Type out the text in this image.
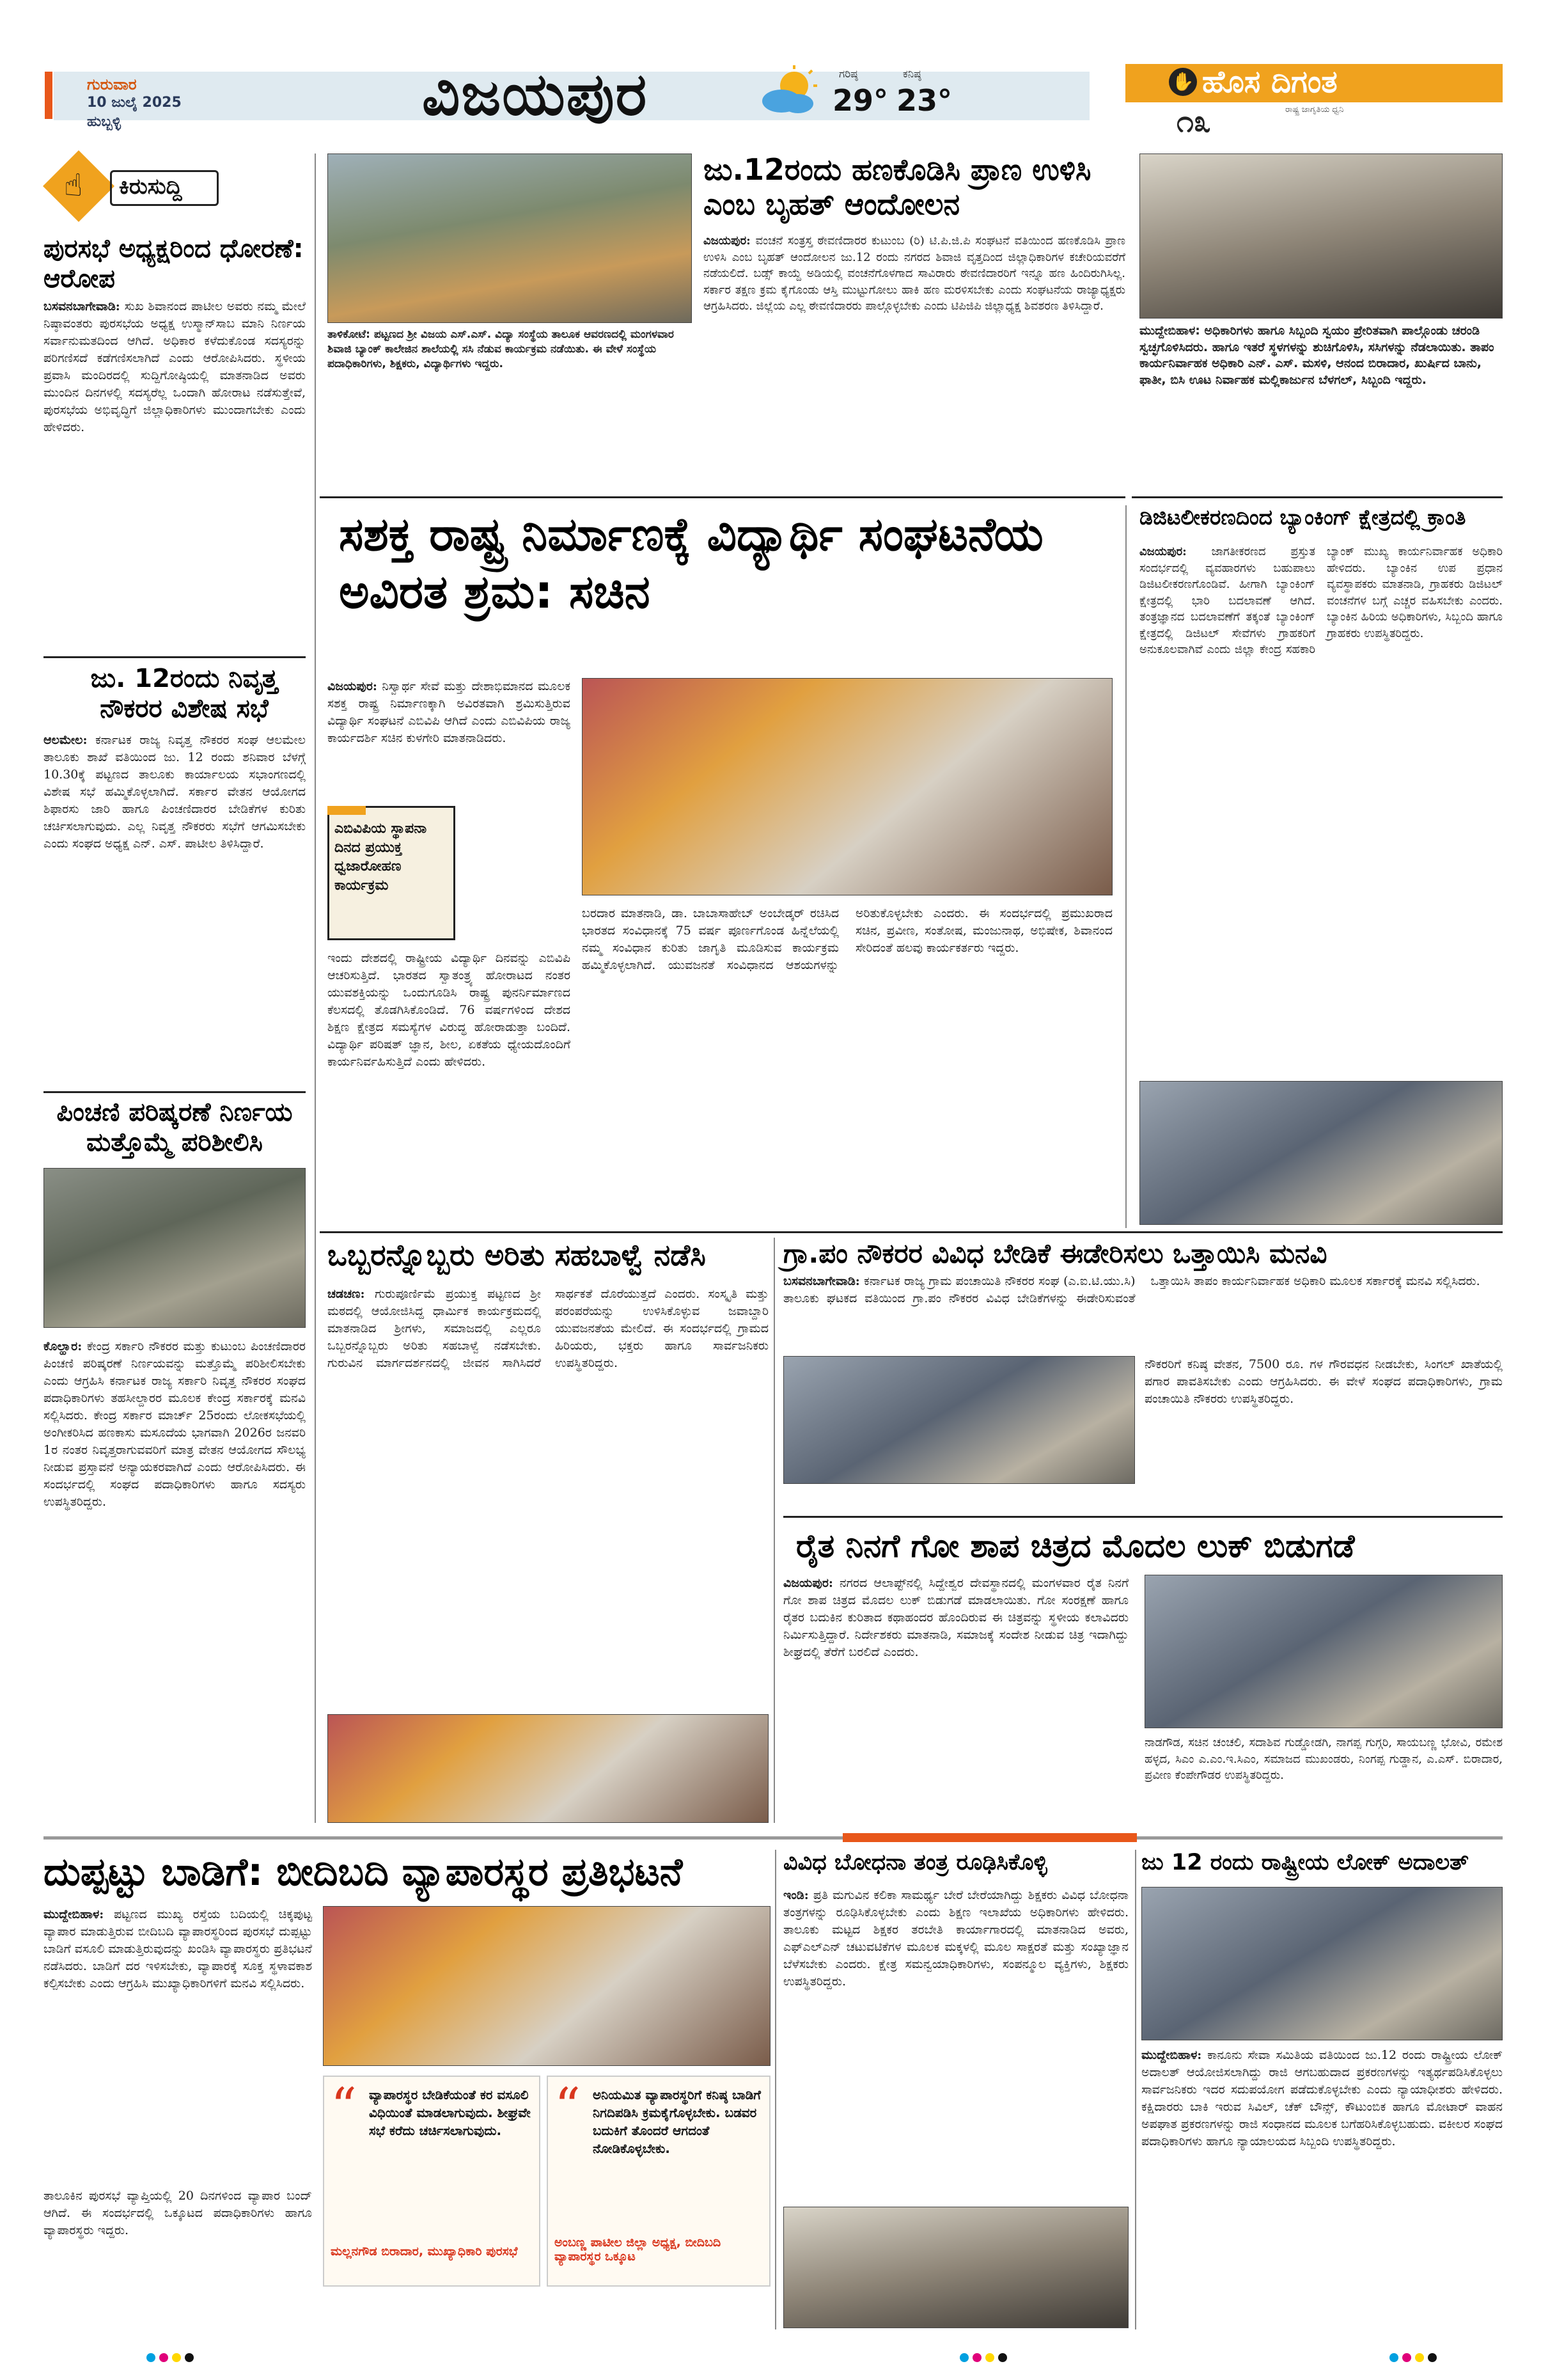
ಗುರುವಾರ
10 ಜುಲೈ 2025
ಹುಬ್ಬಳ್ಳಿ	ವಿಜಯಪುರ	ಗರಿಷ್ಠ
29°
ಕನಿಷ್ಠ
23°
✋ ಹೊಸ ದಿಗಂತ
ರಾಷ್ಟ್ರ ಜಾಗೃತಿಯ ಧ್ವನಿ
೧೩
☝ ಕಿರುಸುದ್ದಿ
ಪುರಸಭೆ ಅಧ್ಯಕ್ಷರಿಂದ ಧೋರಣೆ: ಆರೋಪ

ಬಸವನಬಾಗೇವಾಡಿ: ಸುಖ ಶಿವಾನಂದ ಪಾಟೀಲ ಅವರು ನಮ್ಮ ಮೇಲೆ ನಿಷ್ಠಾವಂತರು ಪುರಸಭೆಯ ಅಧ್ಯಕ್ಷ ಉಸ್ಮಾನ್‌ಸಾಬ ಮಾನಿ ನಿರ್ಣಯ ಸರ್ವಾನುಮತದಿಂದ ಆಗಿದೆ. ಅಧಿಕಾರ ಕಳೆದುಕೊಂಡ ಸದಸ್ಯರನ್ನು ಪರಿಗಣಿಸದೆ ಕಡೆಗಣಿಸಲಾಗಿದೆ ಎಂದು ಆರೋಪಿಸಿದರು. ಸ್ಥಳೀಯ ಪ್ರವಾಸಿ ಮಂದಿರದಲ್ಲಿ ಸುದ್ದಿಗೋಷ್ಠಿಯಲ್ಲಿ ಮಾತನಾಡಿದ ಅವರು ಮುಂದಿನ ದಿನಗಳಲ್ಲಿ ಸದಸ್ಯರೆಲ್ಲ ಒಂದಾಗಿ ಹೋರಾಟ ನಡೆಸುತ್ತೇವೆ, ಪುರಸಭೆಯ ಅಭಿವೃದ್ಧಿಗೆ ಜಿಲ್ಲಾಧಿಕಾರಿಗಳು ಮುಂದಾಗಬೇಕು ಎಂದು ಹೇಳಿದರು.

ಜು. 12ರಂದು ನಿವೃತ್ತ ನೌಕರರ ವಿಶೇಷ ಸಭೆ

ಆಲಮೇಲ: ಕರ್ನಾಟಕ ರಾಜ್ಯ ನಿವೃತ್ತ ನೌಕರರ ಸಂಘ ಆಲಮೇಲ ತಾಲೂಕು ಶಾಖೆ ವತಿಯಿಂದ ಜು. 12 ರಂದು ಶನಿವಾರ ಬೆಳಗ್ಗೆ 10.30ಕ್ಕೆ ಪಟ್ಟಣದ ತಾಲೂಕು ಕಾರ್ಯಾಲಯ ಸಭಾಂಗಣದಲ್ಲಿ ವಿಶೇಷ ಸಭೆ ಹಮ್ಮಿಕೊಳ್ಳಲಾಗಿದೆ. ಸರ್ಕಾರ ವೇತನ ಆಯೋಗದ ಶಿಫಾರಸು ಜಾರಿ ಹಾಗೂ ಪಿಂಚಣಿದಾರರ ಬೇಡಿಕೆಗಳ ಕುರಿತು ಚರ್ಚಿಸಲಾಗುವುದು. ಎಲ್ಲ ನಿವೃತ್ತ ನೌಕರರು ಸಭೆಗೆ ಆಗಮಿಸಬೇಕು ಎಂದು ಸಂಘದ ಅಧ್ಯಕ್ಷ ಎನ್. ಎಸ್. ಪಾಟೀಲ ತಿಳಿಸಿದ್ದಾರೆ.

ಪಿಂಚಣಿ ಪರಿಷ್ಕರಣೆ ನಿರ್ಣಯ ಮತ್ತೊಮ್ಮೆ ಪರಿಶೀಲಿಸಿ

ಕೊಲ್ಹಾರ: ಕೇಂದ್ರ ಸರ್ಕಾರಿ ನೌಕರರ ಮತ್ತು ಕುಟುಂಬ ಪಿಂಚಣಿದಾರರ ಪಿಂಚಣಿ ಪರಿಷ್ಕರಣೆ ನಿರ್ಣಯವನ್ನು ಮತ್ತೊಮ್ಮೆ ಪರಿಶೀಲಿಸಬೇಕು ಎಂದು ಆಗ್ರಹಿಸಿ ಕರ್ನಾಟಕ ರಾಜ್ಯ ಸರ್ಕಾರಿ ನಿವೃತ್ತ ನೌಕರರ ಸಂಘದ ಪದಾಧಿಕಾರಿಗಳು ತಹಸೀಲ್ದಾರರ ಮೂಲಕ ಕೇಂದ್ರ ಸರ್ಕಾರಕ್ಕೆ ಮನವಿ ಸಲ್ಲಿಸಿದರು. ಕೇಂದ್ರ ಸರ್ಕಾರ ಮಾರ್ಚ್ 25ರಂದು ಲೋಕಸಭೆಯಲ್ಲಿ ಅಂಗೀಕರಿಸಿದ ಹಣಕಾಸು ಮಸೂದೆಯ ಭಾಗವಾಗಿ 2026ರ ಜನವರಿ 1ರ ನಂತರ ನಿವೃತ್ತರಾಗುವವರಿಗೆ ಮಾತ್ರ ವೇತನ ಆಯೋಗದ ಸೌಲಭ್ಯ ನೀಡುವ ಪ್ರಸ್ತಾವನೆ ಅನ್ಯಾಯಕರವಾಗಿದೆ ಎಂದು ಆರೋಪಿಸಿದರು. ಈ ಸಂದರ್ಭದಲ್ಲಿ ಸಂಘದ ಪದಾಧಿಕಾರಿಗಳು ಹಾಗೂ ಸದಸ್ಯರು ಉಪಸ್ಥಿತರಿದ್ದರು.

ತಾಳಿಕೋಟೆ: ಪಟ್ಟಣದ ಶ್ರೀ ವಿಜಯ ಎಸ್.ಎಸ್. ವಿದ್ಯಾ ಸಂಸ್ಥೆಯ ತಾಲೂಕ ಆವರಣದಲ್ಲಿ ಮಂಗಳವಾರ ಶಿವಾಜಿ ಬ್ಯಾಂಕ್ ಕಾಲೇಜಿನ ಶಾಲೆಯಲ್ಲಿ ಸಸಿ ನೆಡುವ ಕಾರ್ಯಕ್ರಮ ನಡೆಯಿತು. ಈ ವೇಳೆ ಸಂಸ್ಥೆಯ ಪದಾಧಿಕಾರಿಗಳು, ಶಿಕ್ಷಕರು, ವಿದ್ಯಾರ್ಥಿಗಳು ಇದ್ದರು.

ಜು.12ರಂದು ಹಣಕೊಡಿಸಿ ಪ್ರಾಣ ಉಳಿಸಿ ಎಂಬ ಬೃಹತ್ ಆಂದೋಲನ

ವಿಜಯಪುರ: ವಂಚನೆ ಸಂತ್ರಸ್ತ ಠೇವಣಿದಾರರ ಕುಟುಂಬ (ರಿ) ಟಿ.ಪಿ.ಜಿ.ಪಿ ಸಂಘಟನೆ ವತಿಯಿಂದ ಹಣಕೊಡಿಸಿ ಪ್ರಾಣ ಉಳಿಸಿ ಎಂಬ ಬೃಹತ್ ಆಂದೋಲನ ಜು.12 ರಂದು ನಗರದ ಶಿವಾಜಿ ವೃತ್ತದಿಂದ ಜಿಲ್ಲಾಧಿಕಾರಿಗಳ ಕಚೇರಿಯವರೆಗೆ ನಡೆಯಲಿದೆ. ಬಡ್ಸ್ ಕಾಯ್ದೆ ಅಡಿಯಲ್ಲಿ ವಂಚನೆಗೊಳಗಾದ ಸಾವಿರಾರು ಠೇವಣಿದಾರರಿಗೆ ಇನ್ನೂ ಹಣ ಹಿಂದಿರುಗಿಸಿಲ್ಲ. ಸರ್ಕಾರ ತಕ್ಷಣ ಕ್ರಮ ಕೈಗೊಂಡು ಆಸ್ತಿ ಮುಟ್ಟುಗೋಲು ಹಾಕಿ ಹಣ ಮರಳಿಸಬೇಕು ಎಂದು ಸಂಘಟನೆಯ ರಾಜ್ಯಾಧ್ಯಕ್ಷರು ಆಗ್ರಹಿಸಿದರು. ಜಿಲ್ಲೆಯ ಎಲ್ಲ ಠೇವಣಿದಾರರು ಪಾಲ್ಗೊಳ್ಳಬೇಕು ಎಂದು ಟಿಪಿಜಿಪಿ ಜಿಲ್ಲಾಧ್ಯಕ್ಷ ಶಿವಶರಣ ತಿಳಿಸಿದ್ದಾರೆ.

ಮುದ್ದೇಬಿಹಾಳ: ಅಧಿಕಾರಿಗಳು ಹಾಗೂ ಸಿಬ್ಬಂದಿ ಸ್ವಯಂ ಪ್ರೇರಿತವಾಗಿ ಪಾಲ್ಗೊಂಡು ಚರಂಡಿ ಸ್ವಚ್ಛಗೊಳಿಸಿದರು. ಹಾಗೂ ಇತರೆ ಸ್ಥಳಗಳನ್ನು ಶುಚಿಗೊಳಿಸಿ, ಸಸಿಗಳನ್ನು ನೆಡಲಾಯಿತು. ತಾಪಂ ಕಾರ್ಯನಿರ್ವಾಹಕ ಅಧಿಕಾರಿ ಎನ್. ಎಸ್. ಮಸಳಿ, ಆನಂದ ಬಿರಾದಾರ, ಖುರ್ಷಿದ ಬಾನು, ಫಾತೀ, ಬಿಸಿ ಊಟ ನಿರ್ವಾಹಕ ಮಲ್ಲಿಕಾರ್ಜುನ ಬೆಳಗಲ್, ಸಿಬ್ಬಂದಿ ಇದ್ದರು.

ಸಶಕ್ತ ರಾಷ್ಟ್ರ ನಿರ್ಮಾಣಕ್ಕೆ ವಿದ್ಯಾರ್ಥಿ ಸಂಘಟನೆಯ ಅವಿರತ ಶ್ರಮ: ಸಚಿನ

ವಿಜಯಪುರ: ನಿಸ್ವಾರ್ಥ ಸೇವೆ ಮತ್ತು ದೇಶಾಭಿಮಾನದ ಮೂಲಕ ಸಶಕ್ತ ರಾಷ್ಟ್ರ ನಿರ್ಮಾಣಕ್ಕಾಗಿ ಅವಿರತವಾಗಿ ಶ್ರಮಿಸುತ್ತಿರುವ ವಿದ್ಯಾರ್ಥಿ ಸಂಘಟನೆ ಎಬಿವಿಪಿ ಆಗಿದೆ ಎಂದು ಎಬಿವಿಪಿಯ ರಾಜ್ಯ ಕಾರ್ಯದರ್ಶಿ ಸಚಿನ ಕುಳಗೇರಿ ಮಾತನಾಡಿದರು.

ಎಬಿವಿಪಿಯ ಸ್ಥಾಪನಾ ದಿನದ ಪ್ರಯುಕ್ತ ಧ್ವಜಾರೋಹಣ ಕಾರ್ಯಕ್ರಮ

ಇಂದು ದೇಶದಲ್ಲಿ ರಾಷ್ಟ್ರೀಯ ವಿದ್ಯಾರ್ಥಿ ದಿನವನ್ನು ಎಬಿವಿಪಿ ಆಚರಿಸುತ್ತಿದೆ. ಭಾರತದ ಸ್ವಾತಂತ್ರ್ಯ ಹೋರಾಟದ ನಂತರ ಯುವಶಕ್ತಿಯನ್ನು ಒಂದುಗೂಡಿಸಿ ರಾಷ್ಟ್ರ ಪುನರ್ನಿರ್ಮಾಣದ ಕೆಲಸದಲ್ಲಿ ತೊಡಗಿಸಿಕೊಂಡಿದೆ. 76 ವರ್ಷಗಳಿಂದ ದೇಶದ ಶಿಕ್ಷಣ ಕ್ಷೇತ್ರದ ಸಮಸ್ಯೆಗಳ ವಿರುದ್ಧ ಹೋರಾಡುತ್ತಾ ಬಂದಿದೆ. ವಿದ್ಯಾರ್ಥಿ ಪರಿಷತ್ ಜ್ಞಾನ, ಶೀಲ, ಏಕತೆಯ ಧ್ಯೇಯದೊಂದಿಗೆ ಕಾರ್ಯನಿರ್ವಹಿಸುತ್ತಿದೆ ಎಂದು ಹೇಳಿದರು.

ಬರದಾರ ಮಾತನಾಡಿ, ಡಾ. ಬಾಬಾಸಾಹೇಬ್ ಅಂಬೇಡ್ಕರ್ ರಚಿಸಿದ ಭಾರತದ ಸಂವಿಧಾನಕ್ಕೆ 75 ವರ್ಷ ಪೂರ್ಣಗೊಂಡ ಹಿನ್ನೆಲೆಯಲ್ಲಿ ನಮ್ಮ ಸಂವಿಧಾನ ಕುರಿತು ಜಾಗೃತಿ ಮೂಡಿಸುವ ಕಾರ್ಯಕ್ರಮ ಹಮ್ಮಿಕೊಳ್ಳಲಾಗಿದೆ. ಯುವಜನತೆ ಸಂವಿಧಾನದ ಆಶಯಗಳನ್ನು ಅರಿತುಕೊಳ್ಳಬೇಕು ಎಂದರು. ಈ ಸಂದರ್ಭದಲ್ಲಿ ಪ್ರಮುಖರಾದ ಸಚಿನ, ಪ್ರವೀಣ, ಸಂತೋಷ, ಮಂಜುನಾಥ, ಅಭಿಷೇಕ, ಶಿವಾನಂದ ಸೇರಿದಂತೆ ಹಲವು ಕಾರ್ಯಕರ್ತರು ಇದ್ದರು.

ಡಿಜಿಟಲೀಕರಣದಿಂದ ಬ್ಯಾಂಕಿಂಗ್ ಕ್ಷೇತ್ರದಲ್ಲಿ ಕ್ರಾಂತಿ

ವಿಜಯಪುರ: ಜಾಗತೀಕರಣದ ಪ್ರಸ್ತುತ ಸಂದರ್ಭದಲ್ಲಿ ವ್ಯವಹಾರಗಳು ಬಹುಪಾಲು ಡಿಜಿಟಲೀಕರಣಗೊಂಡಿವೆ. ಹೀಗಾಗಿ ಬ್ಯಾಂಕಿಂಗ್ ಕ್ಷೇತ್ರದಲ್ಲಿ ಭಾರಿ ಬದಲಾವಣೆ ಆಗಿದೆ. ತಂತ್ರಜ್ಞಾನದ ಬದಲಾವಣೆಗೆ ತಕ್ಕಂತೆ ಬ್ಯಾಂಕಿಂಗ್ ಕ್ಷೇತ್ರದಲ್ಲಿ ಡಿಜಿಟಲ್ ಸೇವೆಗಳು ಗ್ರಾಹಕರಿಗೆ ಅನುಕೂಲವಾಗಿವೆ ಎಂದು ಜಿಲ್ಲಾ ಕೇಂದ್ರ ಸಹಕಾರಿ ಬ್ಯಾಂಕ್ ಮುಖ್ಯ ಕಾರ್ಯನಿರ್ವಾಹಕ ಅಧಿಕಾರಿ ಹೇಳಿದರು. ಬ್ಯಾಂಕಿನ ಉಪ ಪ್ರಧಾನ ವ್ಯವಸ್ಥಾಪಕರು ಮಾತನಾಡಿ, ಗ್ರಾಹಕರು ಡಿಜಿಟಲ್ ವಂಚನೆಗಳ ಬಗ್ಗೆ ಎಚ್ಚರ ವಹಿಸಬೇಕು ಎಂದರು. ಬ್ಯಾಂಕಿನ ಹಿರಿಯ ಅಧಿಕಾರಿಗಳು, ಸಿಬ್ಬಂದಿ ಹಾಗೂ ಗ್ರಾಹಕರು ಉಪಸ್ಥಿತರಿದ್ದರು.

ಒಬ್ಬರನ್ನೊಬ್ಬರು ಅರಿತು ಸಹಬಾಳ್ವೆ ನಡೆಸಿ

ಚಡಚಣ: ಗುರುಪೂರ್ಣಿಮೆ ಪ್ರಯುಕ್ತ ಪಟ್ಟಣದ ಶ್ರೀ ಮಠದಲ್ಲಿ ಆಯೋಜಿಸಿದ್ದ ಧಾರ್ಮಿಕ ಕಾರ್ಯಕ್ರಮದಲ್ಲಿ ಮಾತನಾಡಿದ ಶ್ರೀಗಳು, ಸಮಾಜದಲ್ಲಿ ಎಲ್ಲರೂ ಒಬ್ಬರನ್ನೊಬ್ಬರು ಅರಿತು ಸಹಬಾಳ್ವೆ ನಡೆಸಬೇಕು. ಗುರುವಿನ ಮಾರ್ಗದರ್ಶನದಲ್ಲಿ ಜೀವನ ಸಾಗಿಸಿದರೆ ಸಾರ್ಥಕತೆ ದೊರೆಯುತ್ತದೆ ಎಂದರು. ಸಂಸ್ಕೃತಿ ಮತ್ತು ಪರಂಪರೆಯನ್ನು ಉಳಿಸಿಕೊಳ್ಳುವ ಜವಾಬ್ದಾರಿ ಯುವಜನತೆಯ ಮೇಲಿದೆ. ಈ ಸಂದರ್ಭದಲ್ಲಿ ಗ್ರಾಮದ ಹಿರಿಯರು, ಭಕ್ತರು ಹಾಗೂ ಸಾರ್ವಜನಿಕರು ಉಪಸ್ಥಿತರಿದ್ದರು.

ಗ್ರಾ.ಪಂ ನೌಕರರ ವಿವಿಧ ಬೇಡಿಕೆ ಈಡೇರಿಸಲು ಒತ್ತಾಯಿಸಿ ಮನವಿ

ಬಸವನಬಾಗೇವಾಡಿ: ಕರ್ನಾಟಕ ರಾಜ್ಯ ಗ್ರಾಮ ಪಂಚಾಯಿತಿ ನೌಕರರ ಸಂಘ (ಎ.ಐ.ಟಿ.ಯು.ಸಿ) ತಾಲೂಕು ಘಟಕದ ವತಿಯಿಂದ ಗ್ರಾ.ಪಂ ನೌಕರರ ವಿವಿಧ ಬೇಡಿಕೆಗಳನ್ನು ಈಡೇರಿಸುವಂತೆ ಒತ್ತಾಯಿಸಿ ತಾಪಂ ಕಾರ್ಯನಿರ್ವಾಹಕ ಅಧಿಕಾರಿ ಮೂಲಕ ಸರ್ಕಾರಕ್ಕೆ ಮನವಿ ಸಲ್ಲಿಸಿದರು.

ನೌಕರರಿಗೆ ಕನಿಷ್ಠ ವೇತನ, 7500 ರೂ. ಗಳ ಗೌರವಧನ ನೀಡಬೇಕು, ಸಿಂಗಲ್ ಖಾತೆಯಲ್ಲಿ ಪಗಾರ ಪಾವತಿಸಬೇಕು ಎಂದು ಆಗ್ರಹಿಸಿದರು. ಈ ವೇಳೆ ಸಂಘದ ಪದಾಧಿಕಾರಿಗಳು, ಗ್ರಾಮ ಪಂಚಾಯಿತಿ ನೌಕರರು ಉಪಸ್ಥಿತರಿದ್ದರು.

ರೈತ ನಿನಗೆ ಗೋ ಶಾಪ ಚಿತ್ರದ ಮೊದಲ ಲುಕ್ ಬಿಡುಗಡೆ

ವಿಜಯಪುರ: ನಗರದ ಆಲಾಪ್ಟ್‌ನಲ್ಲಿ ಸಿದ್ದೇಶ್ವರ ದೇವಸ್ಥಾನದಲ್ಲಿ ಮಂಗಳವಾರ ರೈತ ನಿನಗೆ ಗೋ ಶಾಪ ಚಿತ್ರದ ಮೊದಲ ಲುಕ್ ಬಿಡುಗಡೆ ಮಾಡಲಾಯಿತು. ಗೋ ಸಂರಕ್ಷಣೆ ಹಾಗೂ ರೈತರ ಬದುಕಿನ ಕುರಿತಾದ ಕಥಾಹಂದರ ಹೊಂದಿರುವ ಈ ಚಿತ್ರವನ್ನು ಸ್ಥಳೀಯ ಕಲಾವಿದರು ನಿರ್ಮಿಸುತ್ತಿದ್ದಾರೆ. ನಿರ್ದೇಶಕರು ಮಾತನಾಡಿ, ಸಮಾಜಕ್ಕೆ ಸಂದೇಶ ನೀಡುವ ಚಿತ್ರ ಇದಾಗಿದ್ದು ಶೀಘ್ರದಲ್ಲಿ ತೆರೆಗೆ ಬರಲಿದೆ ಎಂದರು.

ನಾಡಗೌಡ, ಸಚಿನ ಚಂಚಲಿ, ಸದಾಶಿವ ಗುಡ್ಡೋಡಗಿ, ನಾಗಪ್ಪ ಗುಗ್ಗರಿ, ಸಾಯಬಣ್ಣ ಭೋವಿ, ರಮೇಶ ಹಳ್ಳದ, ಸಿಎಂ ಎ.ಎಂ.ಇ.ಸಿಎಂ, ಸಮಾಜದ ಮುಖಂಡರು, ನಿಂಗಪ್ಪ ಗುಡ್ಡಾನ, ಎ.ಎಸ್. ಬಿರಾದಾರ, ಪ್ರವೀಣ ಕೆಂಪೇಗೌಡರ ಉಪಸ್ಥಿತರಿದ್ದರು.

ದುಪ್ಪಟ್ಟು ಬಾಡಿಗೆ: ಬೀದಿಬದಿ ವ್ಯಾಪಾರಸ್ಥರ ಪ್ರತಿಭಟನೆ

ಮುದ್ದೇಬಿಹಾಳ: ಪಟ್ಟಣದ ಮುಖ್ಯ ರಸ್ತೆಯ ಬದಿಯಲ್ಲಿ ಚಿಕ್ಕಪುಟ್ಟ ವ್ಯಾಪಾರ ಮಾಡುತ್ತಿರುವ ಬೀದಿಬದಿ ವ್ಯಾಪಾರಸ್ಥರಿಂದ ಪುರಸಭೆ ದುಪ್ಪಟ್ಟು ಬಾಡಿಗೆ ವಸೂಲಿ ಮಾಡುತ್ತಿರುವುದನ್ನು ಖಂಡಿಸಿ ವ್ಯಾಪಾರಸ್ಥರು ಪ್ರತಿಭಟನೆ ನಡೆಸಿದರು. ಬಾಡಿಗೆ ದರ ಇಳಿಸಬೇಕು, ವ್ಯಾಪಾರಕ್ಕೆ ಸೂಕ್ತ ಸ್ಥಳಾವಕಾಶ ಕಲ್ಪಿಸಬೇಕು ಎಂದು ಆಗ್ರಹಿಸಿ ಮುಖ್ಯಾಧಿಕಾರಿಗಳಿಗೆ ಮನವಿ ಸಲ್ಲಿಸಿದರು.

ತಾಲೂಕಿನ ಪುರಸಭೆ ವ್ಯಾಪ್ತಿಯಲ್ಲಿ 20 ದಿನಗಳಿಂದ ವ್ಯಾಪಾರ ಬಂದ್ ಆಗಿದೆ. ಈ ಸಂದರ್ಭದಲ್ಲಿ ಒಕ್ಕೂಟದ ಪದಾಧಿಕಾರಿಗಳು ಹಾಗೂ ವ್ಯಾಪಾರಸ್ಥರು ಇದ್ದರು.

“ ವ್ಯಾಪಾರಸ್ಥರ ಬೇಡಿಕೆಯಂತೆ ಕರ ವಸೂಲಿ ವಿಧಿಯಿಂತೆ ಮಾಡಲಾಗುವುದು. ಶೀಘ್ರವೇ ಸಭೆ ಕರೆದು ಚರ್ಚಿಸಲಾಗುವುದು.

ಮಲ್ಲನಗೌಡ ಬಿರಾದಾರ, ಮುಖ್ಯಾಧಿಕಾರಿ ಪುರಸಭೆ

“ ಅನಿಯಮಿತ ವ್ಯಾಪಾರಸ್ಥರಿಗೆ ಕನಿಷ್ಠ ಬಾಡಿಗೆ ನಿಗದಿಪಡಿಸಿ ಕ್ರಮಕೈಗೊಳ್ಳಬೇಕು. ಬಡವರ ಬದುಕಿಗೆ ತೊಂದರೆ ಆಗದಂತೆ ನೋಡಿಕೊಳ್ಳಬೇಕು.

ಅಂಬಣ್ಣ ಪಾಟೀಲ ಜಿಲ್ಲಾ ಅಧ್ಯಕ್ಷ, ಬೀದಿಬದಿ ವ್ಯಾಪಾರಸ್ಥರ ಒಕ್ಕೂಟ

ವಿವಿಧ ಬೋಧನಾ ತಂತ್ರ ರೂಢಿಸಿಕೊಳ್ಳಿ

ಇಂಡಿ: ಪ್ರತಿ ಮಗುವಿನ ಕಲಿಕಾ ಸಾಮರ್ಥ್ಯ ಬೇರೆ ಬೇರೆಯಾಗಿದ್ದು ಶಿಕ್ಷಕರು ವಿವಿಧ ಬೋಧನಾ ತಂತ್ರಗಳನ್ನು ರೂಢಿಸಿಕೊಳ್ಳಬೇಕು ಎಂದು ಶಿಕ್ಷಣ ಇಲಾಖೆಯ ಅಧಿಕಾರಿಗಳು ಹೇಳಿದರು. ತಾಲೂಕು ಮಟ್ಟದ ಶಿಕ್ಷಕರ ತರಬೇತಿ ಕಾರ್ಯಾಗಾರದಲ್ಲಿ ಮಾತನಾಡಿದ ಅವರು, ಎಫ್‌ಎಲ್‌ಎನ್ ಚಟುವಟಿಕೆಗಳ ಮೂಲಕ ಮಕ್ಕಳಲ್ಲಿ ಮೂಲ ಸಾಕ್ಷರತೆ ಮತ್ತು ಸಂಖ್ಯಾಜ್ಞಾನ ಬೆಳೆಸಬೇಕು ಎಂದರು. ಕ್ಷೇತ್ರ ಸಮನ್ವಯಾಧಿಕಾರಿಗಳು, ಸಂಪನ್ಮೂಲ ವ್ಯಕ್ತಿಗಳು, ಶಿಕ್ಷಕರು ಉಪಸ್ಥಿತರಿದ್ದರು.

ಜು 12 ರಂದು ರಾಷ್ಟ್ರೀಯ ಲೋಕ್ ಅದಾಲತ್

ಮುದ್ದೇಬಿಹಾಳ: ಕಾನೂನು ಸೇವಾ ಸಮಿತಿಯ ವತಿಯಿಂದ ಜು.12 ರಂದು ರಾಷ್ಟ್ರೀಯ ಲೋಕ್ ಅದಾಲತ್ ಆಯೋಜಿಸಲಾಗಿದ್ದು ರಾಜಿ ಆಗಬಹುದಾದ ಪ್ರಕರಣಗಳನ್ನು ಇತ್ಯರ್ಥಪಡಿಸಿಕೊಳ್ಳಲು ಸಾರ್ವಜನಿಕರು ಇದರ ಸದುಪಯೋಗ ಪಡೆದುಕೊಳ್ಳಬೇಕು ಎಂದು ನ್ಯಾಯಾಧೀಶರು ಹೇಳಿದರು. ಕಕ್ಷಿದಾರರು ಬಾಕಿ ಇರುವ ಸಿವಿಲ್, ಚೆಕ್ ಬೌನ್ಸ್, ಕೌಟುಂಬಿಕ ಹಾಗೂ ಮೋಟಾರ್ ವಾಹನ ಅಪಘಾತ ಪ್ರಕರಣಗಳನ್ನು ರಾಜಿ ಸಂಧಾನದ ಮೂಲಕ ಬಗೆಹರಿಸಿಕೊಳ್ಳಬಹುದು. ವಕೀಲರ ಸಂಘದ ಪದಾಧಿಕಾರಿಗಳು ಹಾಗೂ ನ್ಯಾಯಾಲಯದ ಸಿಬ್ಬಂದಿ ಉಪಸ್ಥಿತರಿದ್ದರು.
